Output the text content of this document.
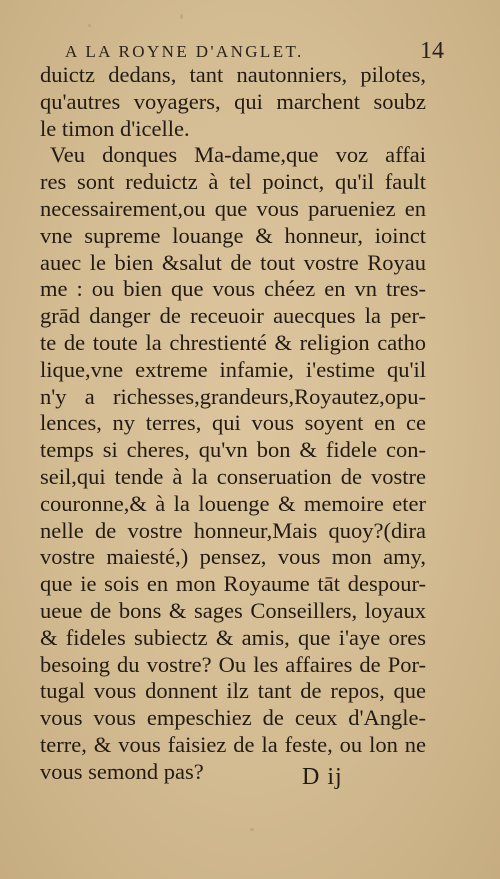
A LA ROYNE D'ANGLET.	14
duictz dedans, tant nautonniers, pilotes,
qu'autres voyagers, qui marchent soubz
le timon d'icelle.
Veu donques Ma-dame,que voz affai
res sont reduictz à tel poinct, qu'il fault
necessairement,ou que vous parueniez en
vne supreme louange & honneur, ioinct
auec le bien &salut de tout vostre Royau
me : ou bien que vous chéez en vn tres-
grād danger de receuoir auecques la per-
te de toute la chrestienté & religion catho
lique,vne extreme infamie, i'estime qu'il
n'y a richesses,grandeurs,Royautez,opu-
lences, ny terres, qui vous soyent en ce
temps si cheres, qu'vn bon & fidele con-
seil,qui tende à la conseruation de vostre
couronne,& à la louenge & memoire eter
nelle de vostre honneur,Mais quoy?(dira
vostre maiesté,) pensez, vous mon amy,
que ie sois en mon Royaume tāt despour-
ueue de bons & sages Conseillers, loyaux
& fideles subiectz & amis, que i'aye ores
besoing du vostre? Ou les affaires de Por-
tugal vous donnent ilz tant de repos, que
vous vous empeschiez de ceux d'Angle-
terre, & vous faisiez de la feste, ou lon ne
vous semond pas?	D ij
